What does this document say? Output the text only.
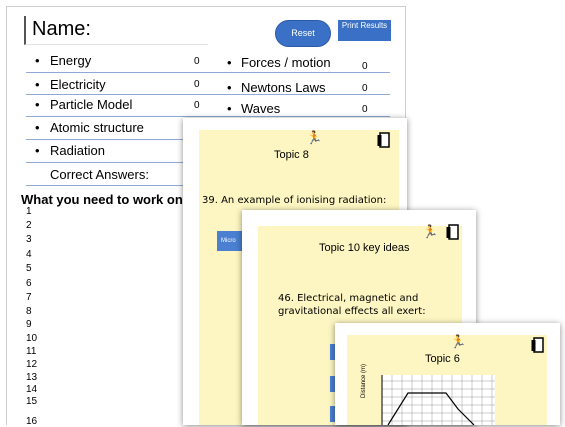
Name:	Reset
Print Results
• Energy	0
• Electricity	0
• Particle Model	0
• Atomic structure
• Radiation
• Forces / motion	0
• Newtons Laws	0
• Waves	0
Correct Answers:
What you need to work on
1
2
3
4
5
6
7
8
9
10
11
12
13
14
15
16
Topic 8
🏃
39. An example of ionising radiation:
Micro
Topic 10 key ideas
🏃
46. Electrical, magnetic and gravitational effects all exert:
Topic 6
🏃
Distance (m)
